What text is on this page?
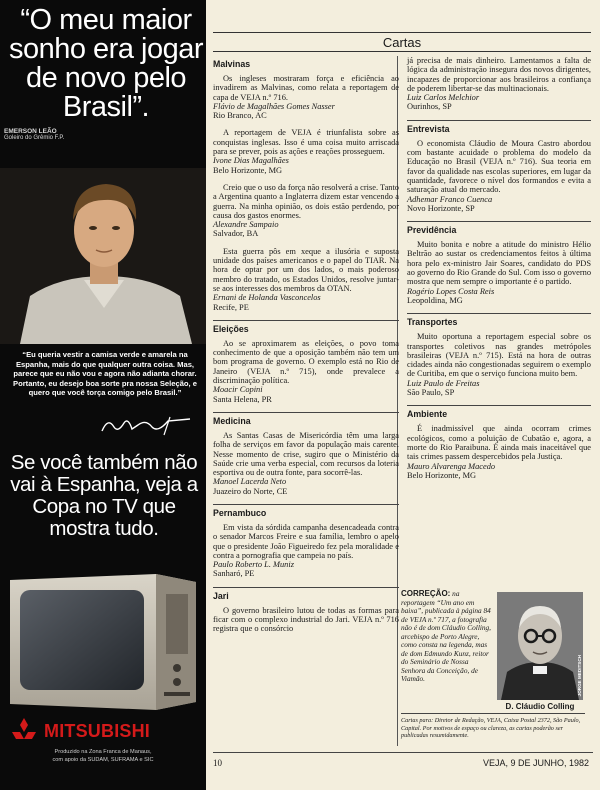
“O meu maior sonho era jogar de novo pelo Brasil”.
EMERSON LEÃO
Goleiro do Grêmio F.P.
“Eu queria vestir a camisa verde e amarela na Espanha, mais do que qualquer outra coisa. Mas, parece que eu não vou e agora não adianta chorar. Portanto, eu desejo boa sorte pra nossa Seleção, e quero que você torça comigo pelo Brasil.”
Se você também não vai à Espanha, veja a Copa no TV que mostra tudo.
MITSUBISHI
Produzido na Zona Franca de Manaus,
com apoio da SUDAM, SUFRAMA e SIC
Cartas
Malvinas

Os ingleses mostraram força e eficiência ao invadirem as Malvinas, como relata a reportagem de capa de VEJA n.º 716.

Flávio de Magalhães Gomes Nasser

Rio Branco, AC

A reportagem de VEJA é triunfalista sobre as conquistas inglesas. Isso é uma coisa muito arriscada para se prever, pois as ações e reações prosseguem.

Ivone Dias Magalhães

Belo Horizonte, MG

Creio que o uso da força não resolverá a crise. Tanto a Argentina quanto a Inglaterra dizem estar vencendo a guerra. Na minha opinião, os dois estão perdendo, por causa dos gastos enormes.

Alexandre Sampaio

Salvador, BA

Esta guerra pôs em xeque a ilusória e suposta unidade dos países americanos e o papel do TIAR. Na hora de optar por um dos lados, o mais poderoso membro do tratado, os Estados Unidos, resolve juntar-se aos interesses dos membros da OTAN.

Ernani de Holanda Vasconcelos

Recife, PE

Eleições

Ao se aproximarem as eleições, o povo toma conhecimento de que a oposição também não tem um bom programa de governo. O exemplo está no Rio de Janeiro (VEJA n.º 715), onde prevalece a discriminação política.

Moacir Copini

Santa Helena, PR

Medicina

As Santas Casas de Misericórdia têm uma larga folha de serviços em favor da população mais carente. Nesse momento de crise, sugiro que o Ministério da Saúde crie uma verba especial, com recursos da loteria esportiva ou de outra fonte, para socorrê-las.

Manoel Lacerda Neto

Juazeiro do Norte, CE

Pernambuco

Em vista da sórdida campanha desencadeada contra o senador Marcos Freire e sua família, lembro o apelo que o presidente João Figueiredo fez pela moralidade e contra a pornografia que campeia no país.

Paulo Roberto L. Muniz

Sanharó, PE

Jari

O governo brasileiro lutou de todas as formas para ficar com o complexo industrial do Jari. VEJA n.º 716 registra que o consórcio

já precisa de mais dinheiro. Lamentamos a falta de lógica da administração insegura dos novos dirigentes, incapazes de proporcionar aos brasileiros a confiança de poderem libertar-se das multinacionais.

Luiz Carlos Melchior

Ourinhos, SP

Entrevista

O economista Cláudio de Moura Castro abordou com bastante acuidade o problema do modelo da Educação no Brasil (VEJA n.º 716). Sua teoria em favor da qualidade nas escolas superiores, em lugar da quantidade, favorece o nível dos formandos e evita a saturação atual do mercado.

Adhemar Franco Cuenca

Novo Horizonte, SP

Previdência

Muito bonita e nobre a atitude do ministro Hélio Beltrão ao sustar os credenciamentos feitos à última hora pelo ex-ministro Jair Soares, candidato do PDS ao governo do Rio Grande do Sul. Com isso o governo mostra que nem sempre o importante é o partido.

Rogério Lopes Costa Reis

Leopoldina, MG

Transportes

Muito oportuna a reportagem especial sobre os transportes coletivos nas grandes metrópoles brasileiras (VEJA n.º 715). Está na hora de outras cidades ainda não congestionadas seguirem o exemplo de Curitiba, em que o serviço funciona muito bem.

Luiz Paulo de Freitas

São Paulo, SP

Ambiente

É inadmissível que ainda ocorram crimes ecológicos, como a poluição de Cubatão e, agora, a morte do Rio Paraibuna. É ainda mais inaceitável que tais crimes passem despercebidos pela Justiça.

Mauro Alvarenga Macedo

Belo Horizonte, MG

CORREÇÃO: na reportagem “Um ano em baixa”, publicada à página 84 de VEJA n.º 717, a fotografia não é de dom Cláudio Colling, arcebispo de Porto Alegre, como consta na legenda, mas de dom Edmundo Kunz, reitor do Seminário de Nossa Senhora da Conceição, de Viamão.	JORGE MEDITSCH
D. Cláudio Colling

Cartas para: Diretor de Redação, VEJA, Caixa Postal 2372, São Paulo, Capital. Por motivos de espaço ou clareza, as cartas poderão ser publicadas resumidamente.

10	VEJA, 9 DE JUNHO, 1982
